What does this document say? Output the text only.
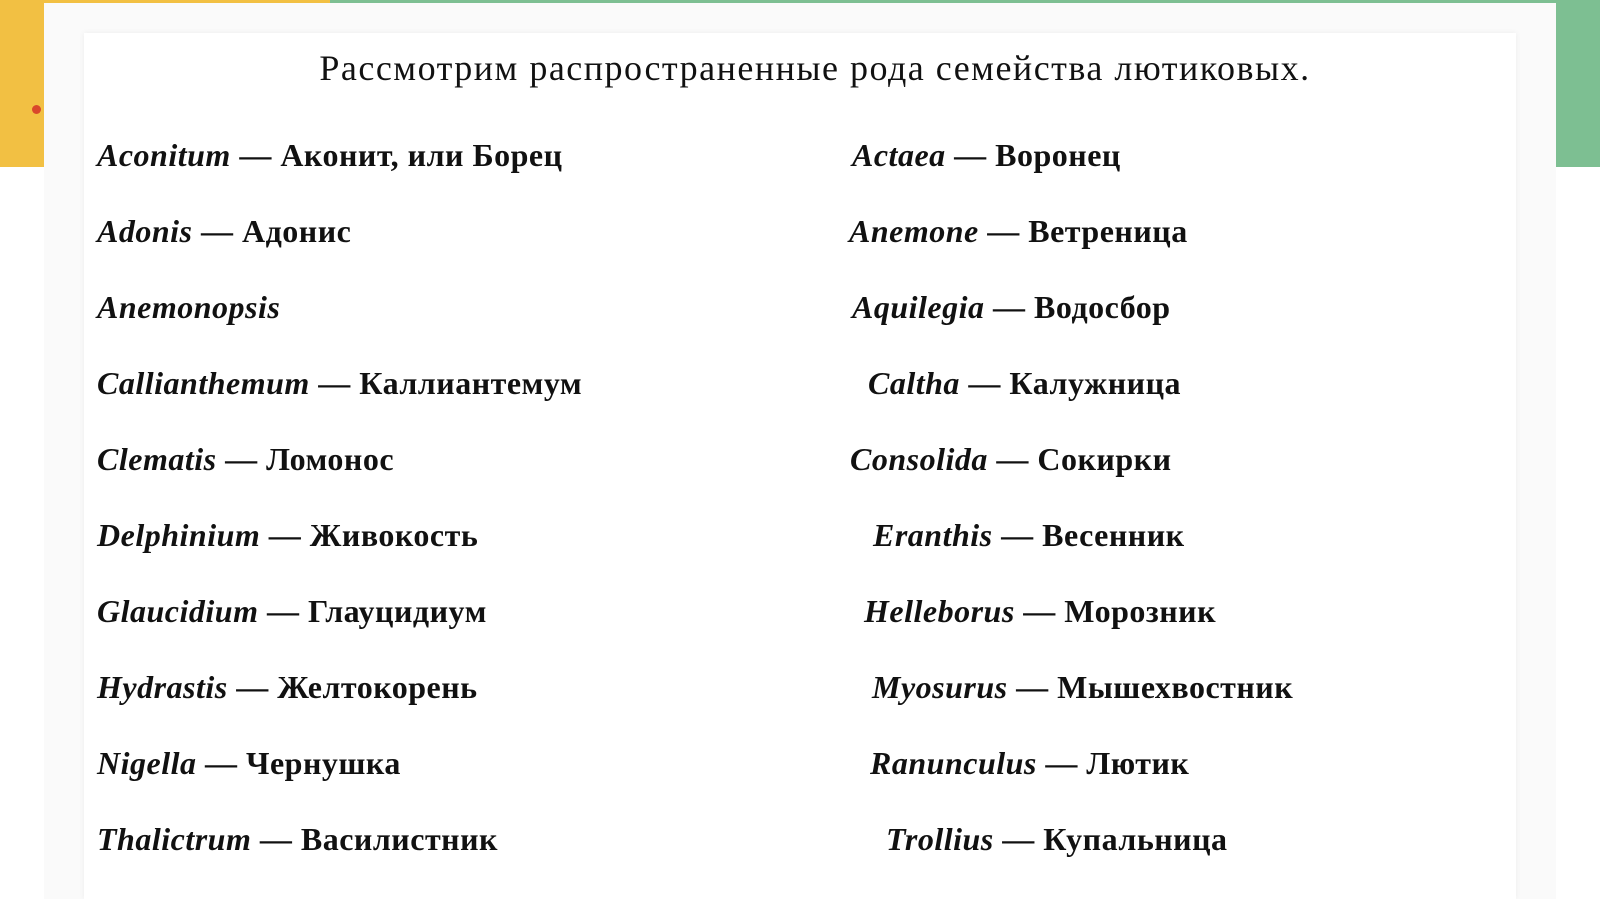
Рассмотрим распространенные рода семейства лютиковых.
Aconitum — Аконит, или Борец
Adonis — Адонис
Anemonopsis
Callianthemum — Каллиантемум
Clematis — Ломонос
Delphinium — Живокость
Glaucidium — Глауцидиум
Hydrastis — Желтокорень
Nigella — Чернушка
Thalictrum — Василистник
Actaea — Воронец
Anemone — Ветреница
Aquilegia — Водосбор
Caltha — Калужница
Consolida — Сокирки
Eranthis — Весенник
Helleborus — Морозник
Myosurus — Мышехвостник
Ranunculus — Лютик
Trollius — Купальница
